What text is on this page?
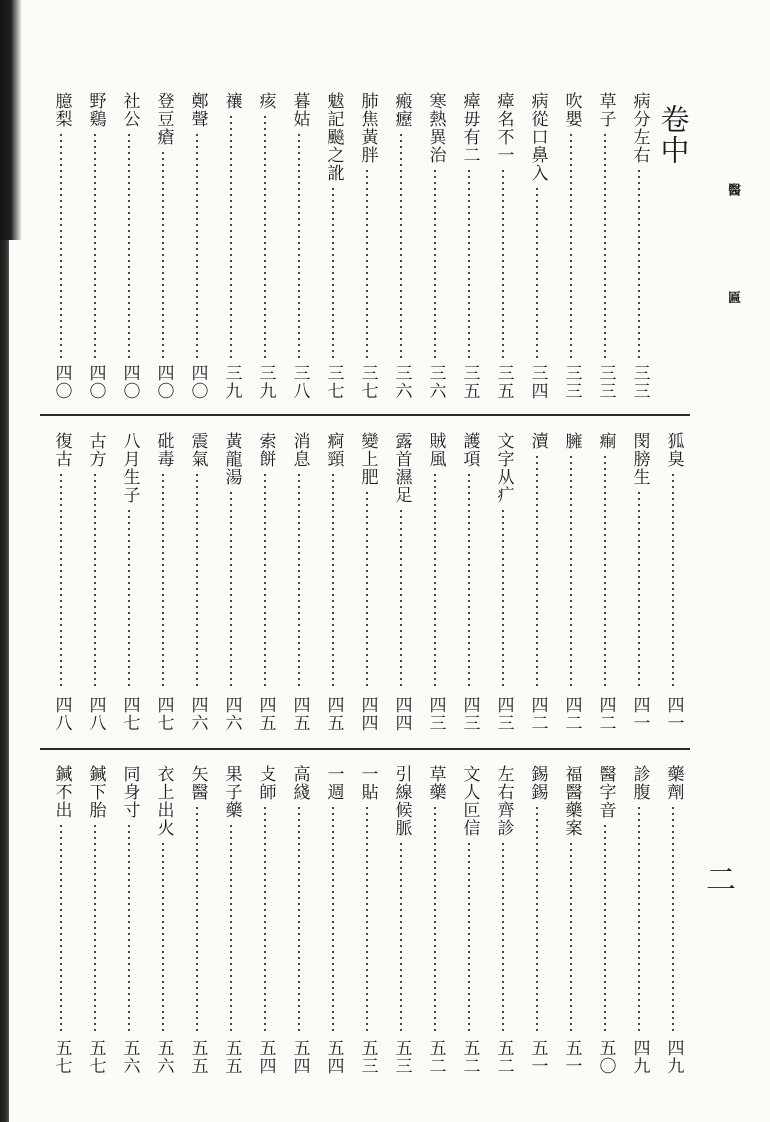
醫 匾
二
卷中
病分左右
三三
草子
三三
吹嬰
三三
病從口鼻入
三四
瘴名不一
三五
瘴毋有二
三五
寒熱異治
三六
瘢癧
三六
肺焦黃胖
三七
魃記飈之訛
三七
暮姑
三八
痎
三九
禳
三九
鄭聲
四〇
登豆瘡
四〇
社公
四〇
野鷄
四〇
臆梨
四〇
狐臭
四一
閔膀生
四一
痸
四二
臃
四二
瀆
四二
文字从疒
四三
護項
四三
賊風
四三
露首濕足
四四
變上肥
四四
痾頸
四五
消息
四五
索餅
四五
黃龍湯
四六
震氣
四六
砒毒
四七
八月生子
四七
古方
四八
復古
四八
藥劑
四九
診腹
四九
醫字音
五〇
福醫藥案
五一
錫錫
五一
左右齊診
五二
文人叵信
五二
草藥
五二
引線候脈
五三
一貼
五三
一週
五四
高綫
五四
攴師
五四
果子藥
五五
矢醫
五五
衣上出火
五六
同身寸
五六
鍼下胎
五七
鍼不出
五七
